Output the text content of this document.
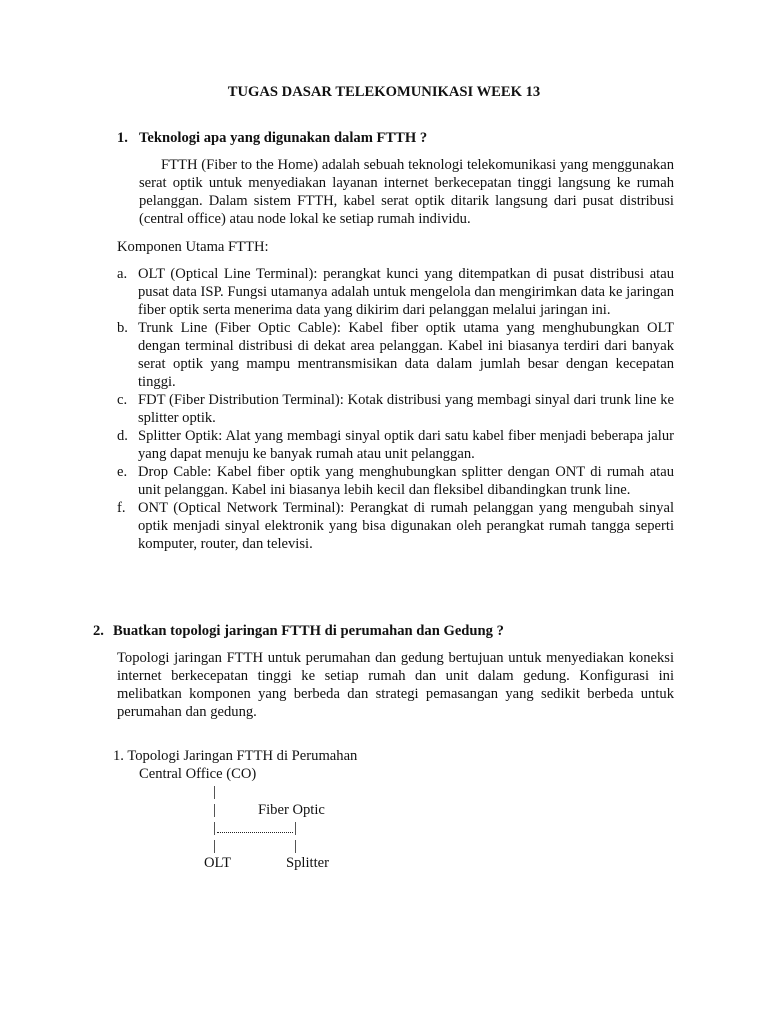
TUGAS DASAR TELEKOMUNIKASI WEEK 13
1. Teknologi apa yang digunakan dalam FTTH ?
FTTH (Fiber to the Home) adalah sebuah teknologi telekomunikasi yang menggunakan serat optik untuk menyediakan layanan internet berkecepatan tinggi langsung ke rumah pelanggan. Dalam sistem FTTH, kabel serat optik ditarik langsung dari pusat distribusi (central office) atau node lokal ke setiap rumah individu.
Komponen Utama FTTH:
a. OLT (Optical Line Terminal): perangkat kunci yang ditempatkan di pusat distribusi atau pusat data ISP. Fungsi utamanya adalah untuk mengelola dan mengirimkan data ke jaringan fiber optik serta menerima data yang dikirim dari pelanggan melalui jaringan ini.
b. Trunk Line (Fiber Optic Cable): Kabel fiber optik utama yang menghubungkan OLT dengan terminal distribusi di dekat area pelanggan. Kabel ini biasanya terdiri dari banyak serat optik yang mampu mentransmisikan data dalam jumlah besar dengan kecepatan tinggi.
c. FDT (Fiber Distribution Terminal): Kotak distribusi yang membagi sinyal dari trunk line ke splitter optik.
d. Splitter Optik: Alat yang membagi sinyal optik dari satu kabel fiber menjadi beberapa jalur yang dapat menuju ke banyak rumah atau unit pelanggan.
e. Drop Cable: Kabel fiber optik yang menghubungkan splitter dengan ONT di rumah atau unit pelanggan. Kabel ini biasanya lebih kecil dan fleksibel dibandingkan trunk line.
f. ONT (Optical Network Terminal): Perangkat di rumah pelanggan yang mengubah sinyal optik menjadi sinyal elektronik yang bisa digunakan oleh perangkat rumah tangga seperti komputer, router, dan televisi.
2. Buatkan topologi jaringan FTTH di perumahan dan Gedung ?
Topologi jaringan FTTH untuk perumahan dan gedung bertujuan untuk menyediakan koneksi internet berkecepatan tinggi ke setiap rumah dan unit dalam gedung. Konfigurasi ini melibatkan komponen yang berbeda dan strategi pemasangan yang sedikit berbeda untuk perumahan dan gedung.
1. Topologi Jaringan FTTH di Perumahan
Central Office (CO)
|
|	Fiber Optic
|	|
|	|
OLT	Splitter
